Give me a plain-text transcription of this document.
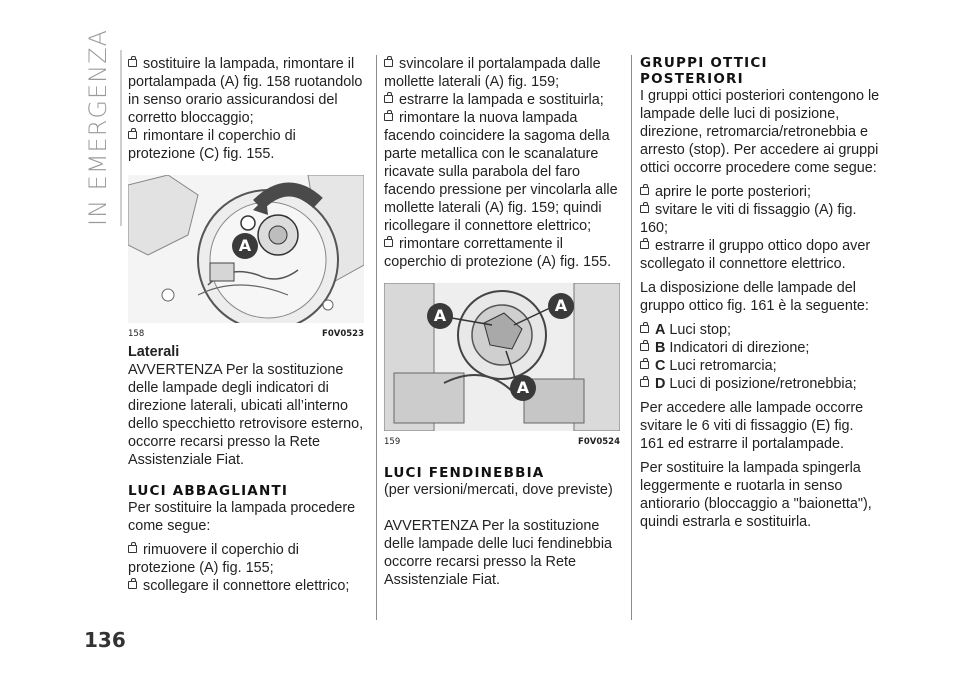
IN EMERGENZA
136

sostituire la lampada, rimontare il portalampada (A) fig. 158 ruotandolo in senso orario assicurandosi del corretto bloccaggio;

rimontare il coperchio di protezione (C) fig. 155.

A
158	F0V0523

Laterali

AVVERTENZA Per la sostituzione delle lampade degli indicatori di direzione laterali, ubicati all’interno dello specchietto retrovisore esterno, occorre recarsi presso la Rete Assistenziale Fiat.

LUCI ABBAGLIANTI

Per sostituire la lampada procedere come segue:

rimuovere il coperchio di protezione (A) fig. 155;

scollegare il connettore elettrico;

svincolare il portalampada dalle mollette laterali (A) fig. 159;

estrarre la lampada e sostituirla;

rimontare la nuova lampada facendo coincidere la sagoma della parte metallica con le scanalature ricavate sulla parabola del faro facendo pressione per vincolarla alle mollette laterali (A) fig. 159; quindi ricollegare il connettore elettrico;

rimontare correttamente il coperchio di protezione (A) fig. 155.

A
A
A
159	F0V0524

LUCI FENDINEBBIA

(per versioni/mercati, dove previste)

AVVERTENZA Per la sostituzione delle lampade delle luci fendinebbia occorre recarsi presso la Rete Assistenziale Fiat.

GRUPPI OTTICI

POSTERIORI

I gruppi ottici posteriori contengono le lampade delle luci di posizione, direzione, retromarcia/retronebbia e arresto (stop). Per accedere ai gruppi ottici occorre procedere come segue:

aprire le porte posteriori;

svitare le viti di fissaggio (A) fig. 160;

estrarre il gruppo ottico dopo aver scollegato il connettore elettrico.

La disposizione delle lampade del gruppo ottico fig. 161 è la seguente:

A Luci stop;

B Indicatori di direzione;

C Luci retromarcia;

D Luci di posizione/retronebbia;

Per accedere alle lampade occorre svitare le 6 viti di fissaggio (E) fig. 161 ed estrarre il portalampade.

Per sostituire la lampada spingerla leggermente e ruotarla in senso antiorario (bloccaggio a "baionetta"), quindi estrarla e sostituirla.
